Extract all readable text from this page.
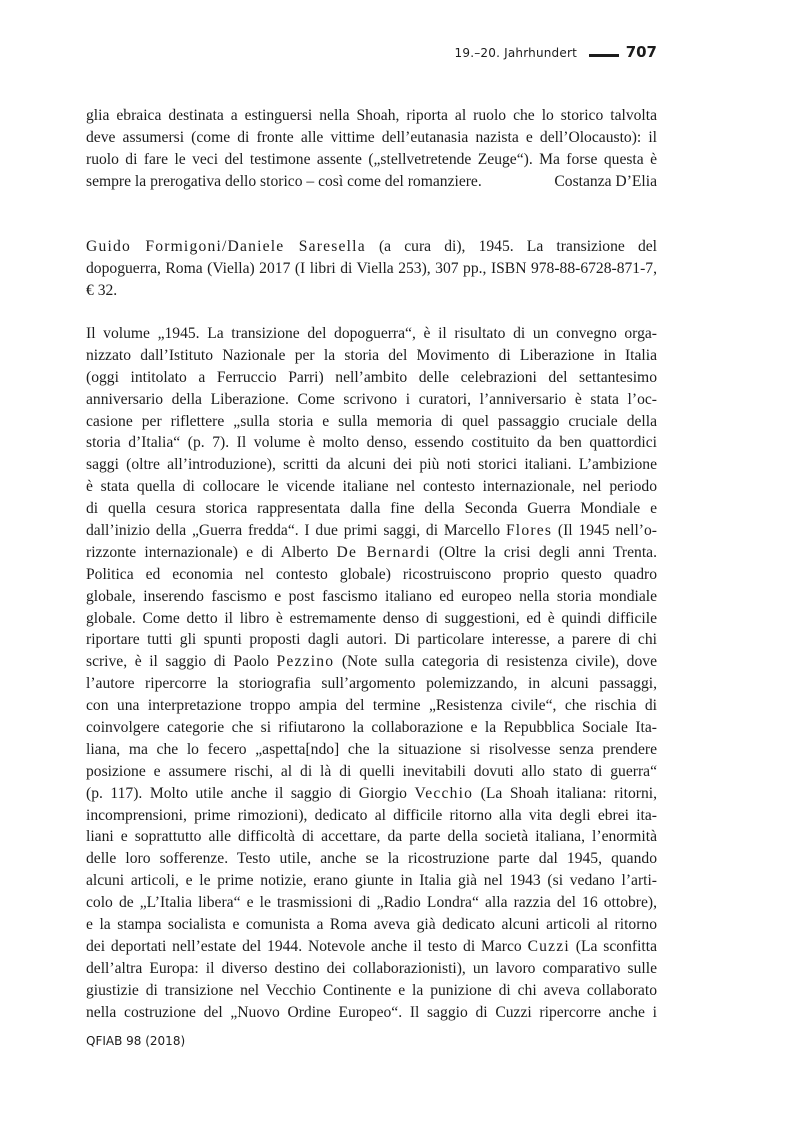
19.–20. Jahrhundert	707
glia ebraica destinata a estinguersi nella Shoah, riporta al ruolo che lo storico talvolta
deve assumersi (come di fronte alle vittime dell’eutanasia nazista e dell’Olocausto): il
ruolo di fare le veci del testimone assente („stellvetretende Zeuge“). Ma forse questa è
sempre la prerogativa dello storico – così come del romanziere.	Costanza D’Elia
Guido Formigoni/Daniele Saresella (a cura di), 1945. La transizione del
dopoguerra, Roma (Viella) 2017 (I libri di Viella 253), 307 pp., ISBN 978-88-6728-871-7,
€ 32.
Il volume „1945. La transizione del dopoguerra“, è il risultato di un convegno orga-
nizzato dall’Istituto Nazionale per la storia del Movimento di Liberazione in Italia
(oggi intitolato a Ferruccio Parri) nell’ambito delle celebrazioni del settantesimo
anniversario della Liberazione. Come scrivono i curatori, l’anniversario è stata l’oc-
casione per riflettere „sulla storia e sulla memoria di quel passaggio cruciale della
storia d’Italia“ (p. 7). Il volume è molto denso, essendo costituito da ben quattordici
saggi (oltre all’introduzione), scritti da alcuni dei più noti storici italiani. L’ambizione
è stata quella di collocare le vicende italiane nel contesto internazionale, nel periodo
di quella cesura storica rappresentata dalla fine della Seconda Guerra Mondiale e
dall’inizio della „Guerra fredda“. I due primi saggi, di Marcello Flores (Il 1945 nell’o-
rizzonte internazionale) e di Alberto De Bernardi (Oltre la crisi degli anni Trenta.
Politica ed economia nel contesto globale) ricostruiscono proprio questo quadro
globale, inserendo fascismo e post fascismo italiano ed europeo nella storia mondiale
globale. Come detto il libro è estremamente denso di suggestioni, ed è quindi difficile
riportare tutti gli spunti proposti dagli autori. Di particolare interesse, a parere di chi
scrive, è il saggio di Paolo Pezzino (Note sulla categoria di resistenza civile), dove
l’autore ripercorre la storiografia sull’argomento polemizzando, in alcuni passaggi,
con una interpretazione troppo ampia del termine „Resistenza civile“, che rischia di
coinvolgere categorie che si rifiutarono la collaborazione e la Repubblica Sociale Ita-
liana, ma che lo fecero „aspetta[ndo] che la situazione si risolvesse senza prendere
posizione e assumere rischi, al di là di quelli inevitabili dovuti allo stato di guerra“
(p. 117). Molto utile anche il saggio di Giorgio Vecchio (La Shoah italiana: ritorni,
incomprensioni, prime rimozioni), dedicato al difficile ritorno alla vita degli ebrei ita-
liani e soprattutto alle difficoltà di accettare, da parte della società italiana, l’enormità
delle loro sofferenze. Testo utile, anche se la ricostruzione parte dal 1945, quando
alcuni articoli, e le prime notizie, erano giunte in Italia già nel 1943 (si vedano l’arti-
colo de „L’Italia libera“ e le trasmissioni di „Radio Londra“ alla razzia del 16 ottobre),
e la stampa socialista e comunista a Roma aveva già dedicato alcuni articoli al ritorno
dei deportati nell’estate del 1944. Notevole anche il testo di Marco Cuzzi (La sconfitta
dell’altra Europa: il diverso destino dei collaborazionisti), un lavoro comparativo sulle
giustizie di transizione nel Vecchio Continente e la punizione di chi aveva collaborato
nella costruzione del „Nuovo Ordine Europeo“. Il saggio di Cuzzi ripercorre anche i
QFIAB 98 (2018)
